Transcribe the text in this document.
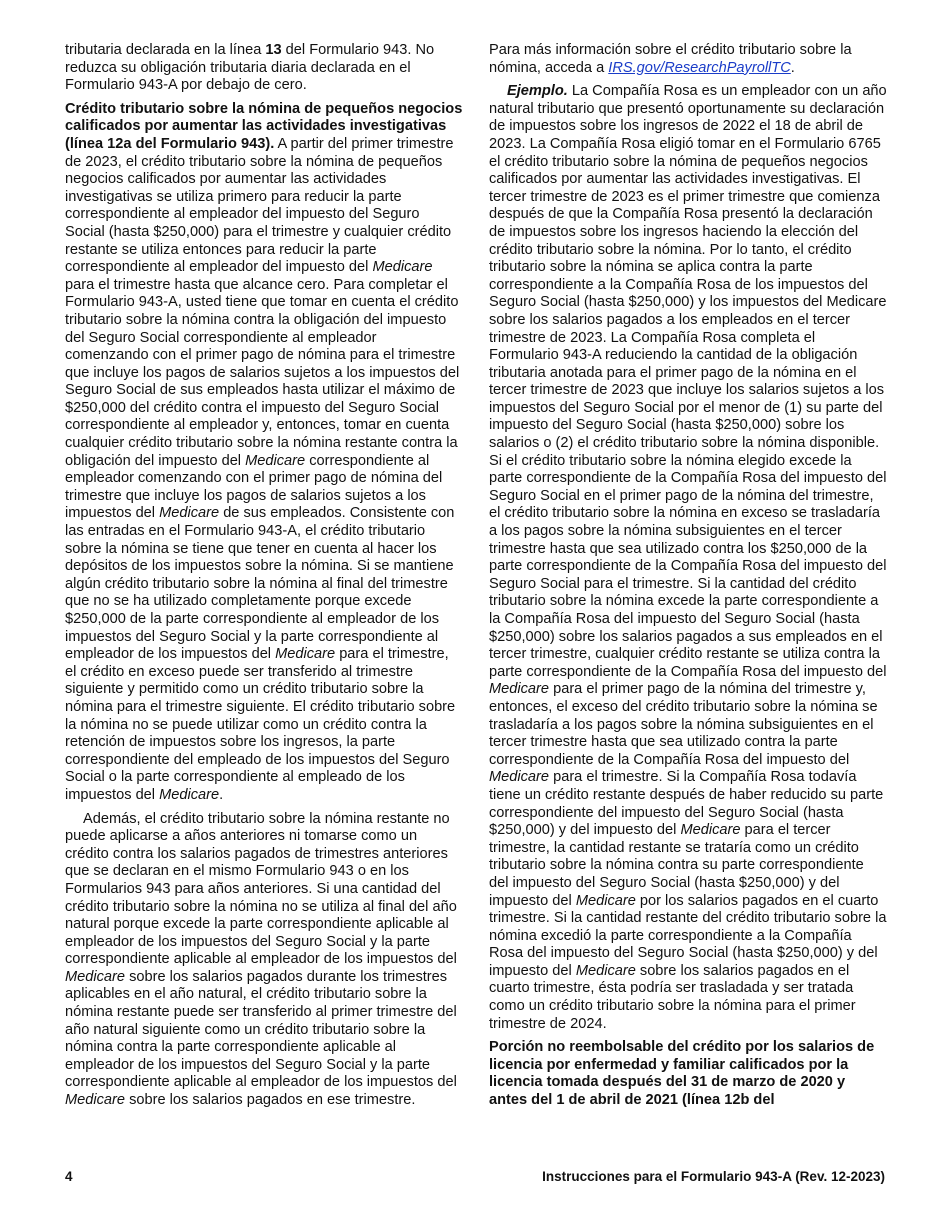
tributaria declarada en la línea 13 del Formulario 943. No reduzca su obligación tributaria diaria declarada en el Formulario 943-A por debajo de cero.

Crédito tributario sobre la nómina de pequeños negocios calificados por aumentar las actividades investigativas (línea 12a del Formulario 943). A partir del primer trimestre de 2023, el crédito tributario sobre la nómina de pequeños negocios calificados por aumentar las actividades investigativas se utiliza primero para reducir la parte correspondiente al empleador del impuesto del Seguro Social (hasta $250,000) para el trimestre y cualquier crédito restante se utiliza entonces para reducir la parte correspondiente al empleador del impuesto del Medicare para el trimestre hasta que alcance cero. Para completar el Formulario 943-A, usted tiene que tomar en cuenta el crédito tributario sobre la nómina contra la obligación del impuesto del Seguro Social correspondiente al empleador comenzando con el primer pago de nómina para el trimestre que incluye los pagos de salarios sujetos a los impuestos del Seguro Social de sus empleados hasta utilizar el máximo de $250,000 del crédito contra el impuesto del Seguro Social correspondiente al empleador y, entonces, tomar en cuenta cualquier crédito tributario sobre la nómina restante contra la obligación del impuesto del Medicare correspondiente al empleador comenzando con el primer pago de nómina del trimestre que incluye los pagos de salarios sujetos a los impuestos del Medicare de sus empleados. Consistente con las entradas en el Formulario 943-A, el crédito tributario sobre la nómina se tiene que tener en cuenta al hacer los depósitos de los impuestos sobre la nómina. Si se mantiene algún crédito tributario sobre la nómina al final del trimestre que no se ha utilizado completamente porque excede $250,000 de la parte correspondiente al empleador de los impuestos del Seguro Social y la parte correspondiente al empleador de los impuestos del Medicare para el trimestre, el crédito en exceso puede ser transferido al trimestre siguiente y permitido como un crédito tributario sobre la nómina para el trimestre siguiente. El crédito tributario sobre la nómina no se puede utilizar como un crédito contra la retención de impuestos sobre los ingresos, la parte correspondiente del empleado de los impuestos del Seguro Social o la parte correspondiente al empleado de los impuestos del Medicare.

Además, el crédito tributario sobre la nómina restante no puede aplicarse a años anteriores ni tomarse como un crédito contra los salarios pagados de trimestres anteriores que se declaran en el mismo Formulario 943 o en los Formularios 943 para años anteriores. Si una cantidad del crédito tributario sobre la nómina no se utiliza al final del año natural porque excede la parte correspondiente aplicable al empleador de los impuestos del Seguro Social y la parte correspondiente aplicable al empleador de los impuestos del Medicare sobre los salarios pagados durante los trimestres aplicables en el año natural, el crédito tributario sobre la nómina restante puede ser transferido al primer trimestre del año natural siguiente como un crédito tributario sobre la nómina contra la parte correspondiente aplicable al empleador de los impuestos del Seguro Social y la parte correspondiente aplicable al empleador de los impuestos del Medicare sobre los salarios pagados en ese trimestre.

Para más información sobre el crédito tributario sobre la nómina, acceda a IRS.gov/ResearchPayrollTC.

Ejemplo. La Compañía Rosa es un empleador con un año natural tributario que presentó oportunamente su declaración de impuestos sobre los ingresos de 2022 el 18 de abril de 2023. La Compañía Rosa eligió tomar en el Formulario 6765 el crédito tributario sobre la nómina de pequeños negocios calificados por aumentar las actividades investigativas. El tercer trimestre de 2023 es el primer trimestre que comienza después de que la Compañía Rosa presentó la declaración de impuestos sobre los ingresos haciendo la elección del crédito tributario sobre la nómina. Por lo tanto, el crédito tributario sobre la nómina se aplica contra la parte correspondiente a la Compañía Rosa de los impuestos del Seguro Social (hasta $250,000) y los impuestos del Medicare sobre los salarios pagados a los empleados en el tercer trimestre de 2023. La Compañía Rosa completa el Formulario 943-A reduciendo la cantidad de la obligación tributaria anotada para el primer pago de la nómina en el tercer trimestre de 2023 que incluye los salarios sujetos a los impuestos del Seguro Social por el menor de (1) su parte del impuesto del Seguro Social (hasta $250,000) sobre los salarios o (2) el crédito tributario sobre la nómina disponible. Si el crédito tributario sobre la nómina elegido excede la parte correspondiente de la Compañía Rosa del impuesto del Seguro Social en el primer pago de la nómina del trimestre, el crédito tributario sobre la nómina en exceso se trasladaría a los pagos sobre la nómina subsiguientes en el tercer trimestre hasta que sea utilizado contra los $250,000 de la parte correspondiente de la Compañía Rosa del impuesto del Seguro Social para el trimestre. Si la cantidad del crédito tributario sobre la nómina excede la parte correspondiente a la Compañía Rosa del impuesto del Seguro Social (hasta $250,000) sobre los salarios pagados a sus empleados en el tercer trimestre, cualquier crédito restante se utiliza contra la parte correspondiente de la Compañía Rosa del impuesto del Medicare para el primer pago de la nómina del trimestre y, entonces, el exceso del crédito tributario sobre la nómina se trasladaría a los pagos sobre la nómina subsiguientes en el tercer trimestre hasta que sea utilizado contra la parte correspondiente de la Compañía Rosa del impuesto del Medicare para el trimestre. Si la Compañía Rosa todavía tiene un crédito restante después de haber reducido su parte correspondiente del impuesto del Seguro Social (hasta $250,000) y del impuesto del Medicare para el tercer trimestre, la cantidad restante se trataría como un crédito tributario sobre la nómina contra su parte correspondiente del impuesto del Seguro Social (hasta $250,000) y del impuesto del Medicare por los salarios pagados en el cuarto trimestre. Si la cantidad restante del crédito tributario sobre la nómina excedió la parte correspondiente a la Compañía Rosa del impuesto del Seguro Social (hasta $250,000) y del impuesto del Medicare sobre los salarios pagados en el cuarto trimestre, ésta podría ser trasladada y ser tratada como un crédito tributario sobre la nómina para el primer trimestre de 2024.

Porción no reembolsable del crédito por los salarios de licencia por enfermedad y familiar calificados por la licencia tomada después del 31 de marzo de 2020 y antes del 1 de abril de 2021 (línea 12b del

4	Instrucciones para el Formulario 943-A (Rev. 12-2023)
